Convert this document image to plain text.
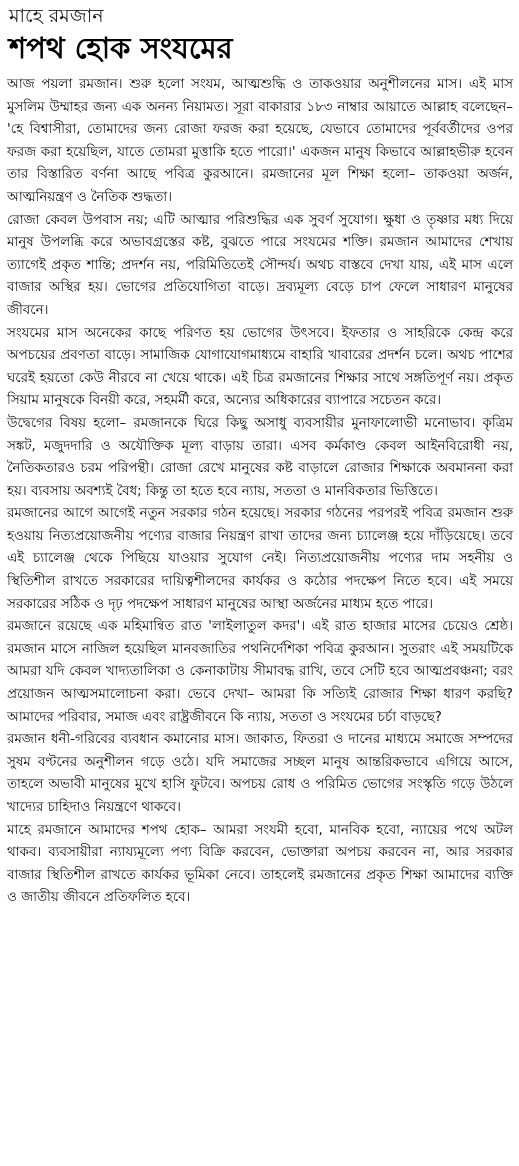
মাহে রমজান
শপথ হোক সংযমের

আজ পয়লা রমজান। শুরু হলো সংযম, আত্মশুদ্ধি ও তাকওয়ার অনুশীলনের মাস। এই মাস মুসলিম উম্মাহর জন্য এক অনন্য নিয়ামত। সূরা বাকারার ১৮৩ নাম্বার আয়াতে আল্লাহ বলেছেন– 'হে বিশ্বাসীরা, তোমাদের জন্য রোজা ফরজ করা হয়েছে, যেভাবে তোমাদের পূর্ববর্তীদের ওপর ফরজ করা হয়েছিল, যাতে তোমরা মুত্তাকি হতে পারো।' একজন মানুষ কিভাবে আল্লাহভীরু হবেন তার বিস্তারিত বর্ণনা আছে পবিত্র কুরআনে। রমজানের মূল শিক্ষা হলো– তাকওয়া অর্জন, আত্মনিয়ন্ত্রণ ও নৈতিক শুদ্ধতা।

রোজা কেবল উপবাস নয়; এটি আত্মার পরিশুদ্ধির এক সুবর্ণ সুযোগ। ক্ষুধা ও তৃষ্ণার মধ্য দিয়ে মানুষ উপলব্ধি করে অভাবগ্রস্তের কষ্ট, বুঝতে পারে সংযমের শক্তি। রমজান আমাদের শেখায় ত্যাগেই প্রকৃত শান্তি; প্রদর্শন নয়, পরিমিতিতেই সৌন্দর্য। অথচ বাস্তবে দেখা যায়, এই মাস এলে বাজার অস্থির হয়। ভোগের প্রতিযোগিতা বাড়ে। দ্রব্যমূল্য বেড়ে চাপ ফেলে সাধারণ মানুষের জীবনে।

সংযমের মাস অনেকের কাছে পরিণত হয় ভোগের উৎসবে। ইফতার ও সাহরিকে কেন্দ্র করে অপচয়ের প্রবণতা বাড়ে। সামাজিক যোগাযোগমাধ্যমে বাহারি খাবারের প্রদর্শন চলে। অথচ পাশের ঘরেই হয়তো কেউ নীরবে না খেয়ে থাকে। এই চিত্র রমজানের শিক্ষার সাথে সঙ্গতিপূর্ণ নয়। প্রকৃত সিয়াম মানুষকে বিনয়ী করে, সহমর্মী করে, অন্যের অধিকারের ব্যাপারে সচেতন করে।

উদ্বেগের বিষয় হলো– রমজানকে ঘিরে কিছু অসাধু ব্যবসায়ীর মুনাফালোভী মনোভাব। কৃত্রিম সঙ্কট, মজুদদারি ও অযৌক্তিক মূল্য বাড়ায় তারা। এসব কর্মকাণ্ড কেবল আইনবিরোধী নয়, নৈতিকতারও চরম পরিপন্থী। রোজা রেখে মানুষের কষ্ট বাড়ালে রোজার শিক্ষাকে অবমাননা করা হয়। ব্যবসায় অবশ্যই বৈধ; কিন্তু তা হতে হবে ন্যায়, সততা ও মানবিকতার ভিত্তিতে।

রমজানের আগে আগেই নতুন সরকার গঠন হয়েছে। সরকার গঠনের পরপরই পবিত্র রমজান শুরু হওয়ায় নিত্যপ্রয়োজনীয় পণ্যের বাজার নিয়ন্ত্রণ রাখা তাদের জন্য চ্যালেঞ্জ হয়ে দাঁড়িয়েছে। তবে এই চ্যালেঞ্জ থেকে পিছিয়ে যাওয়ার সুযোগ নেই। নিত্যপ্রয়োজনীয় পণ্যের দাম সহনীয় ও স্থিতিশীল রাখতে সরকারের দায়িত্বশীলদের কার্যকর ও কঠোর পদক্ষেপ নিতে হবে। এই সময়ে সরকারের সঠিক ও দৃঢ় পদক্ষেপ সাধারণ মানুষের আস্থা অর্জনের মাধ্যম হতে পারে।

রমজানে রয়েছে এক মহিমান্বিত রাত 'লাইলাতুল কদর'। এই রাত হাজার মাসের চেয়েও শ্রেষ্ঠ। রমজান মাসে নাজিল হয়েছিল মানবজাতির পথনির্দেশিকা পবিত্র কুরআন। সুতরাং এই সময়টিকে আমরা যদি কেবল খাদ্যতালিকা ও কেনাকাটায় সীমাবদ্ধ রাখি, তবে সেটি হবে আত্মপ্রবঞ্চনা; বরং প্রয়োজন আত্মসমালোচনা করা। ভেবে দেখা– আমরা কি সত্যিই রোজার শিক্ষা ধারণ করছি? আমাদের পরিবার, সমাজ এবং রাষ্ট্রজীবনে কি ন্যায়, সততা ও সংযমের চর্চা বাড়ছে?

রমজান ধনী-গরিবের ব্যবধান কমানোর মাস। জাকাত, ফিতরা ও দানের মাধ্যমে সমাজে সম্পদের সুষম বণ্টনের অনুশীলন গড়ে ওঠে। যদি সমাজের সচ্ছল মানুষ আন্তরিকভাবে এগিয়ে আসে, তাহলে অভাবী মানুষের মুখে হাসি ফুটবে। অপচয় রোধ ও পরিমিত ভোগের সংস্কৃতি গড়ে উঠলে খাদ্যের চাহিদাও নিয়ন্ত্রণে থাকবে।

মাহে রমজানে আমাদের শপথ হোক– আমরা সংযমী হবো, মানবিক হবো, ন্যায়ের পথে অটল থাকব। ব্যবসায়ীরা ন্যায্যমূল্যে পণ্য বিক্রি করবেন, ভোক্তারা অপচয় করবেন না, আর সরকার বাজার স্থিতিশীল রাখতে কার্যকর ভূমিকা নেবে। তাহলেই রমজানের প্রকৃত শিক্ষা আমাদের ব্যক্তি ও জাতীয় জীবনে প্রতিফলিত হবে।
